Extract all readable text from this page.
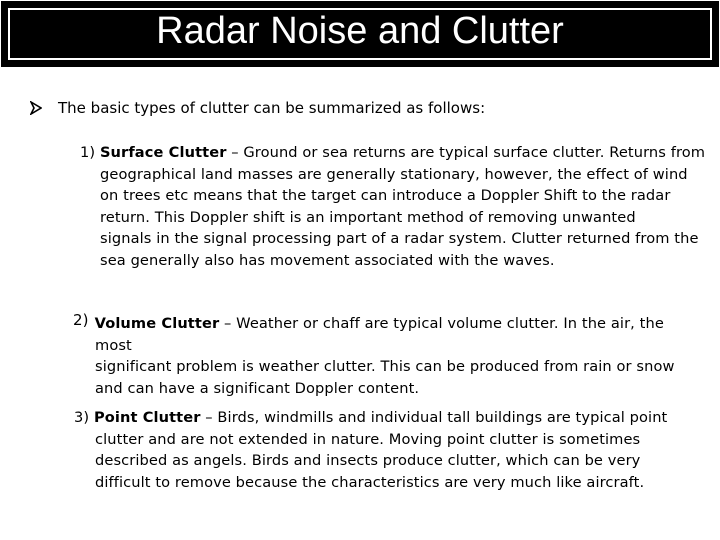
Radar Noise and Clutter
The basic types of clutter can be summarized as follows:
1) Surface Clutter – Ground or sea returns are typical surface clutter. Returns from
geographical land masses are generally stationary, however, the effect of wind
on trees etc means that the target can introduce a Doppler Shift to the radar
return. This Doppler shift is an important method of removing unwanted
signals in the signal processing part of a radar system. Clutter returned from the
sea generally also has movement associated with the waves.
2) Volume Clutter – Weather or chaff are typical volume clutter. In the air, the
most
significant problem is weather clutter. This can be produced from rain or snow
and can have a significant Doppler content.
3) Point Clutter – Birds, windmills and individual tall buildings are typical point
clutter and are not extended in nature. Moving point clutter is sometimes
described as angels. Birds and insects produce clutter, which can be very
difficult to remove because the characteristics are very much like aircraft.
